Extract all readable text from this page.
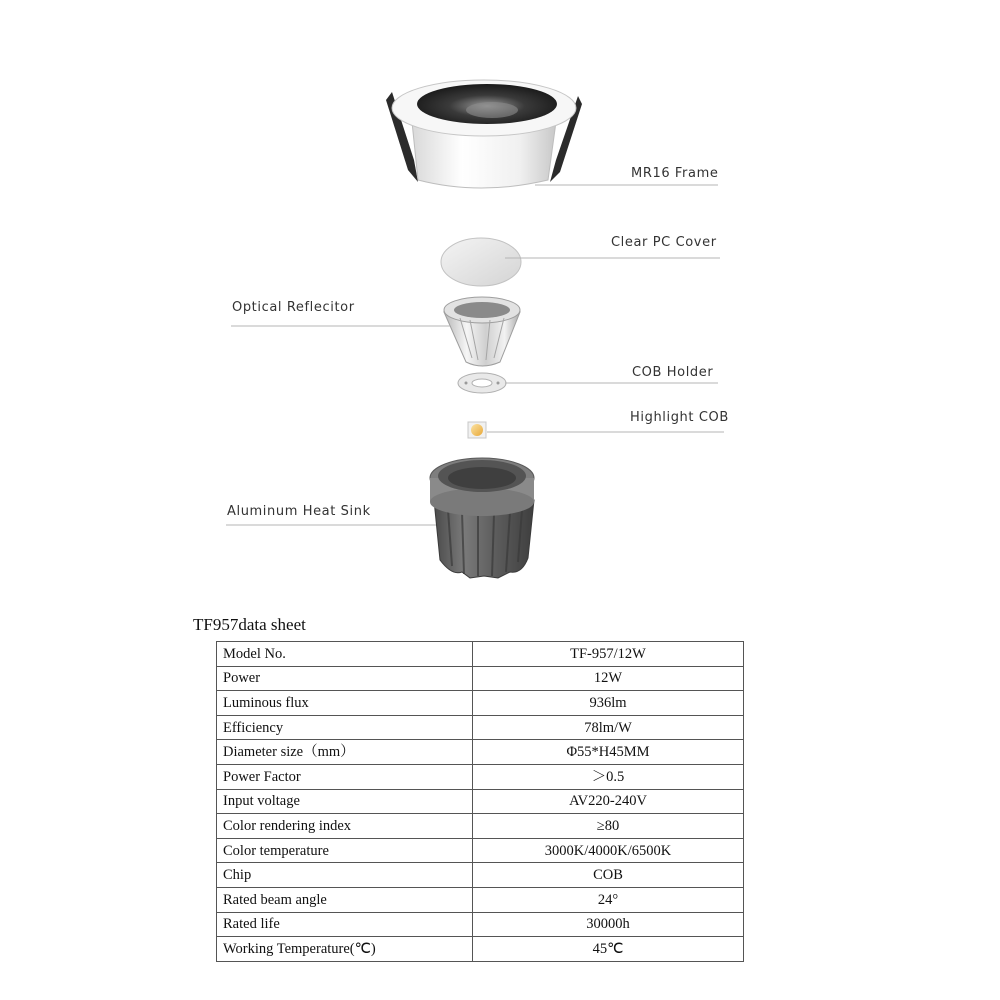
MR16 Frame
Clear PC Cover
Optical Reflecitor
COB Holder
Highlight COB
Aluminum Heat Sink
TF957data sheet
Model No.	TF-957/12W
Power	12W
Luminous flux	936lm
Efficiency	78lm/W
Diameter size（mm）	Φ55*H45MM
Power Factor	＞0.5
Input voltage	AV220-240V
Color rendering index	≥80
Color temperature	3000K/4000K/6500K
Chip	COB
Rated beam angle	24°
Rated life	30000h
Working Temperature(℃)	45℃
